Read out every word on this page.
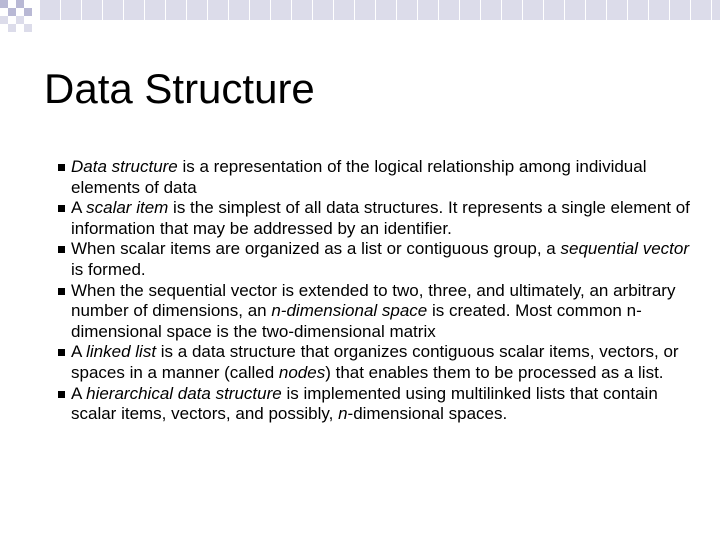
Data Structure
Data structure is a representation of the logical relationship among individual elements of data
A scalar item is the simplest of all data structures. It represents a single element of information that may be addressed by an identifier.
When scalar items are organized as a list or contiguous group, a sequential vector is formed.
When the sequential vector is extended to two, three, and ultimately, an arbitrary number of dimensions, an n-dimensional space is created. Most common n-dimensional space is the two-dimensional matrix
A linked list is a data structure that organizes contiguous scalar items, vectors, or spaces in a manner (called nodes) that enables them to be processed as a list.
A hierarchical data structure is implemented using multilinked lists that contain scalar items, vectors, and possibly, n-dimensional spaces.
